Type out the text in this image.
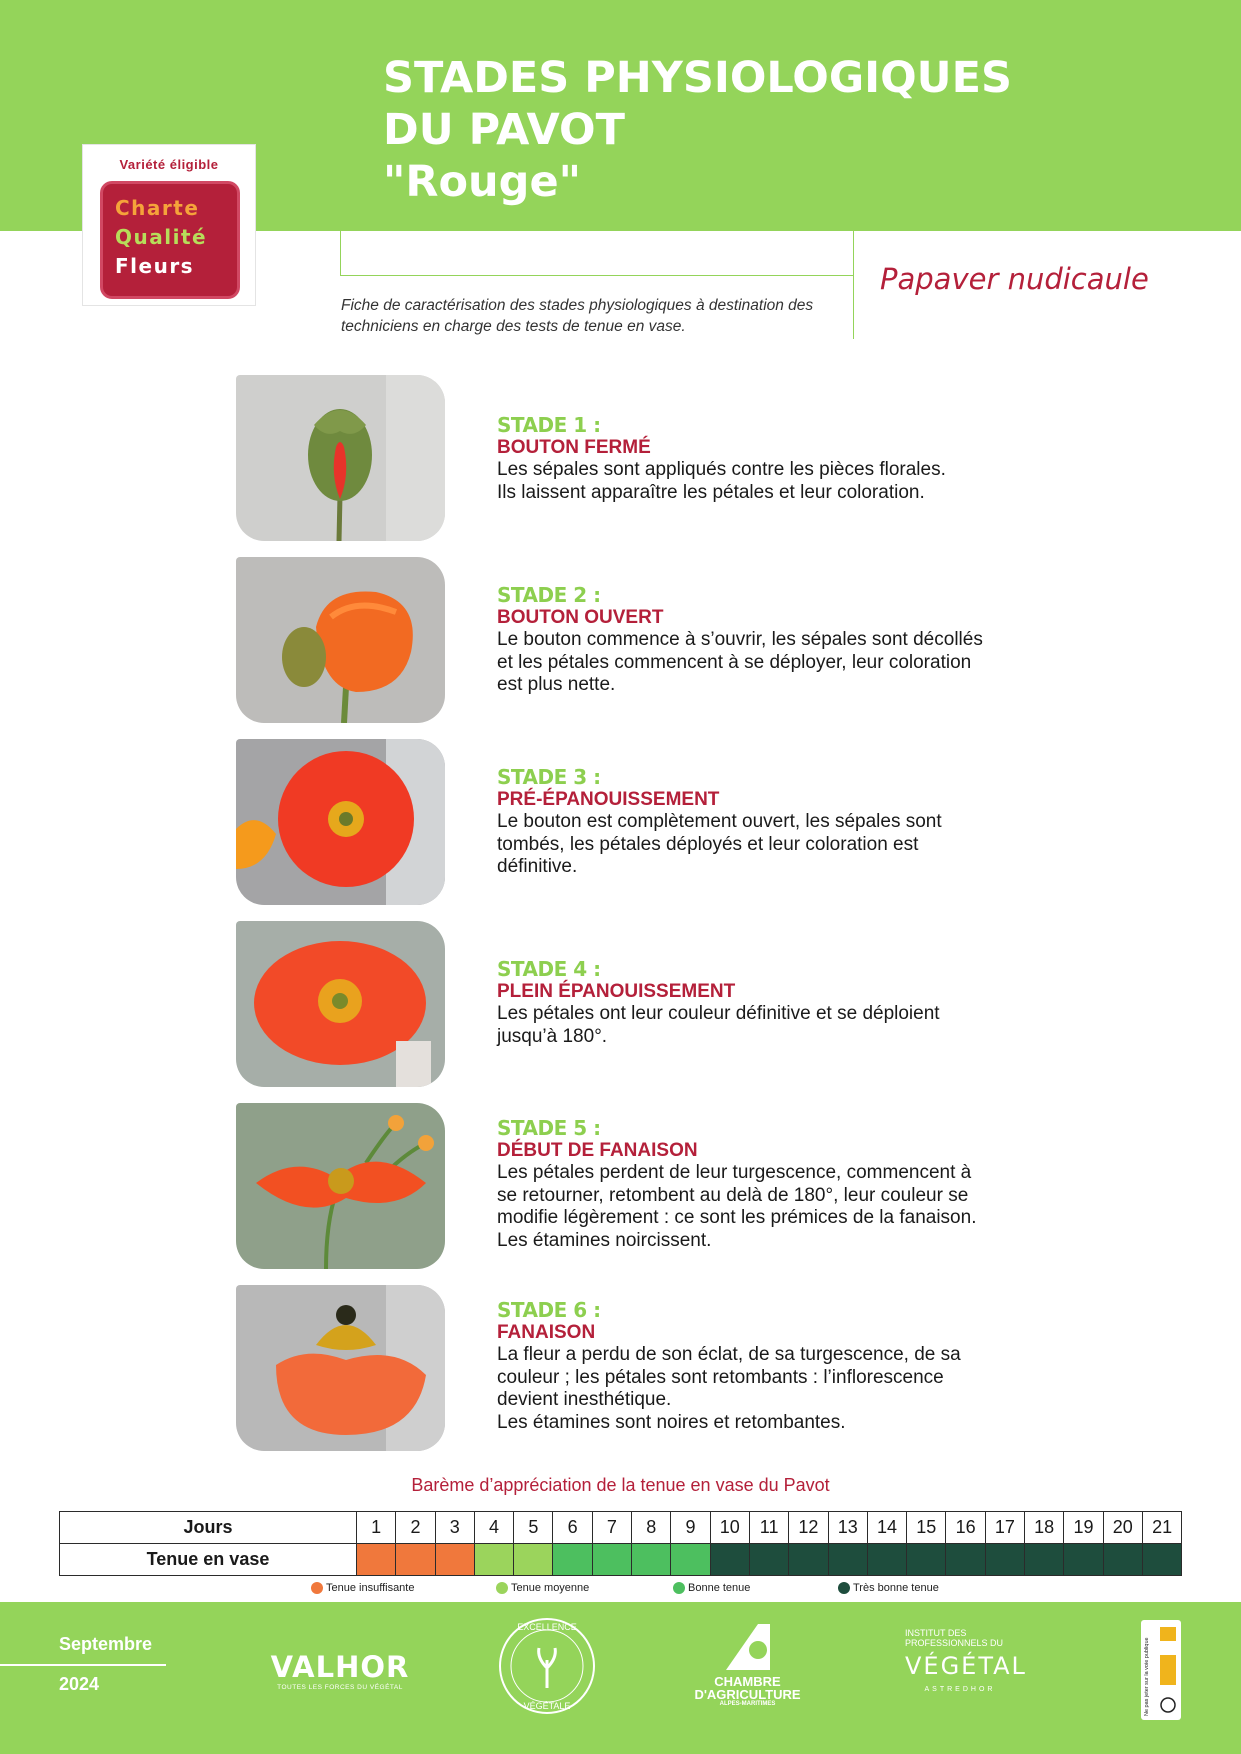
STADES PHYSIOLOGIQUES
DU PAVOT
"Rouge"
Variété éligible
Charte
Qualité
Fleurs	Papaver nudicaule
Fiche de caractérisation des stades physiologiques à destination des techniciens en charge des tests de tenue en vase.
STADE 1 :
BOUTON FERMÉ
Les sépales sont appliqués contre les pièces florales.
Ils laissent apparaître les pétales et leur coloration.
STADE 2 :
BOUTON OUVERT
Le bouton commence à s’ouvrir, les sépales sont décollés
et les pétales commencent à se déployer, leur coloration
est plus nette.
STADE 3 :
PRÉ-ÉPANOUISSEMENT
Le bouton est complètement ouvert, les sépales sont
tombés, les pétales déployés et leur coloration est
définitive.
STADE 4 :
PLEIN ÉPANOUISSEMENT
Les pétales ont leur couleur définitive et se déploient
jusqu’à 180°.
STADE 5 :
DÉBUT DE FANAISON
Les pétales perdent de leur turgescence, commencent à
se retourner, retombent au delà de 180°, leur couleur se
modifie légèrement : ce sont les prémices de la fanaison.
Les étamines noircissent.
STADE 6 :
FANAISON
La fleur a perdu de son éclat, de sa turgescence, de sa
couleur ; les pétales sont retombants : l’inflorescence
devient inesthétique.
Les étamines sont noires et retombantes.
Barème d’appréciation de la tenue en vase du Pavot
Jours	1	2	3	4	5	6	7	8	9	10	11	12	13	14	15	16	17	18	19	20	21
Tenue en vase																					
Tenue insuffisante	Tenue moyenne	Bonne tenue	Très bonne tenue
Septembre
2024	VALHOR
TOUTES LES FORCES DU VÉGÉTAL
EXCELLENCE
VÉGÉTALE
CHAMBRE
D'AGRICULTURE
ALPES-MARITIMES
INSTITUT DES
PROFESSIONNELS DU
VÉGÉTAL
ASTREDHOR	Ne pas jeter sur la voie publique
